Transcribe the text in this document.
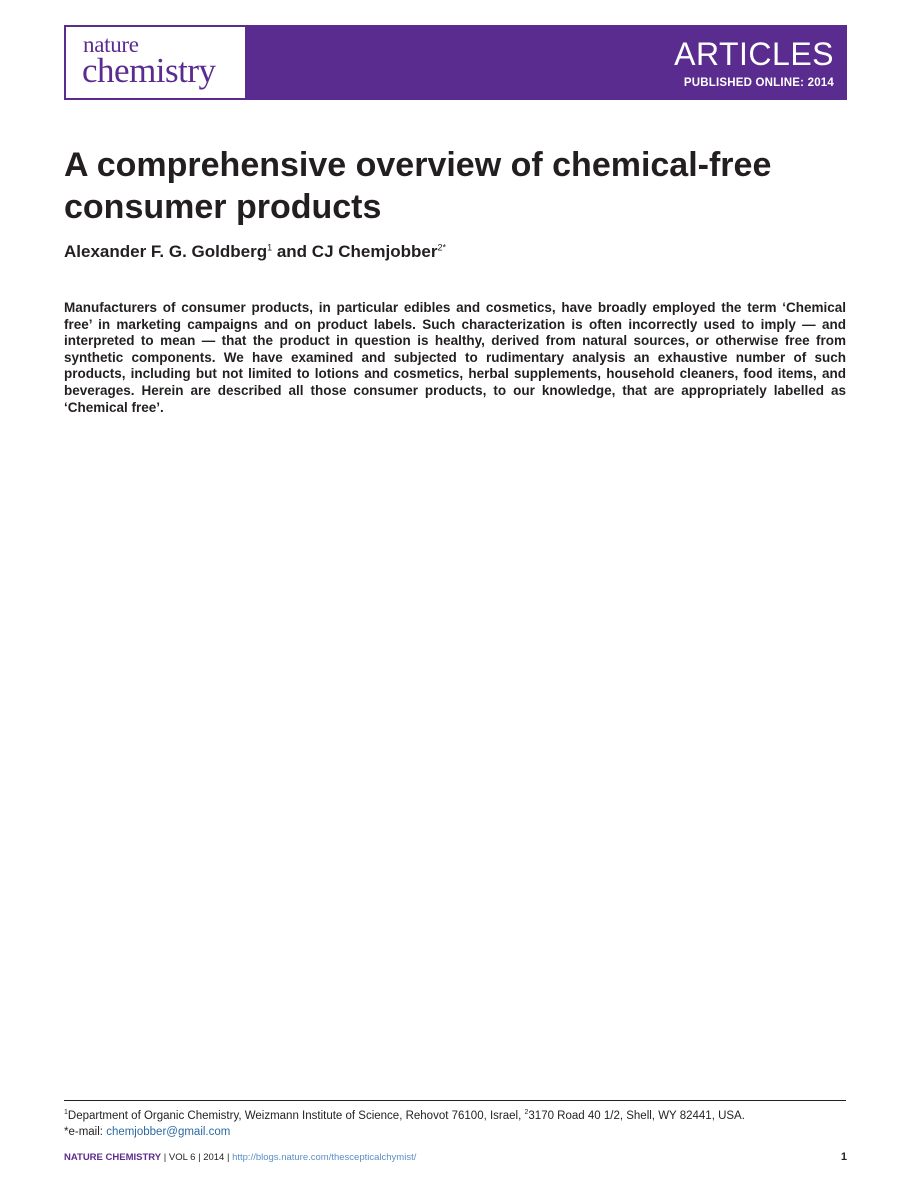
nature
chemistry	ARTICLES
PUBLISHED ONLINE: 2014
A comprehensive overview of chemical-free consumer products

Alexander F. G. Goldberg$^1$ and CJ Chemjobber$^{2*}$

Manufacturers of consumer products, in particular edibles and cosmetics, have broadly employed the term ‘Chemical free’ in marketing campaigns and on product labels. Such characterization is often incorrectly used to imply — and interpreted to mean — that the product in question is healthy, derived from natural sources, or otherwise free from synthetic components. We have examined and subjected to rudimentary analysis an exhaustive number of such products, including but not limited to lotions and cosmetics, herbal supplements, household cleaners, food items, and beverages. Herein are described all those consumer products, to our knowledge, that are appropriately labelled as ‘Chemical free’.

$^1$Department of Organic Chemistry, Weizmann Institute of Science, Rehovot 76100, Israel, $^2$3170 Road 40 1/2, Shell, WY 82441, USA.
*e-mail: chemjobber@gmail.com
NATURE CHEMISTRY | VOL 6 | 2014 | http://blogs.nature.com/thescepticalchymist/	1
